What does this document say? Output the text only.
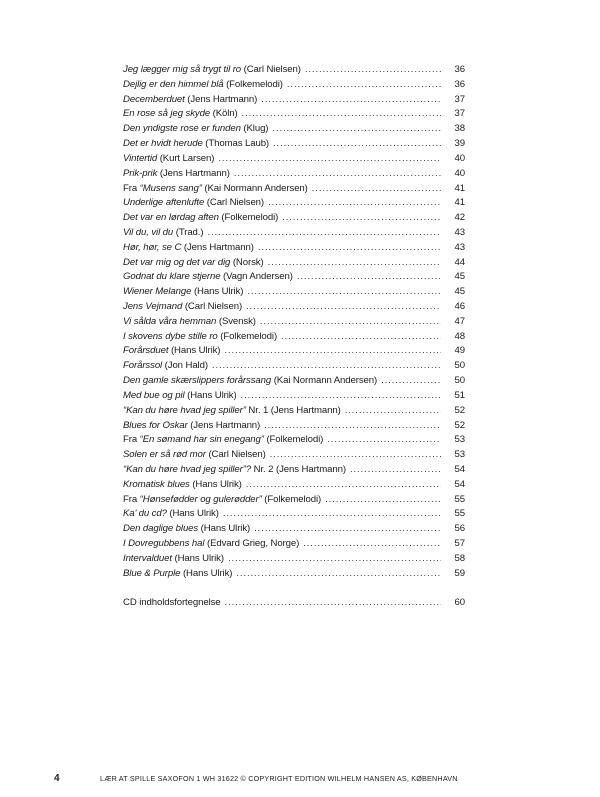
Jeg lægger mig så trygt til ro (Carl Nielsen) . . .	36
Dejlig er den himmel blå (Folkemelodi) . . .	36
Decemberduet (Jens Hartmann) . . .	37
En rose så jeg skyde (Köln) . . .	37
Den yndigste rose er funden (Klug) . . .	38
Det er hvidt herude (Thomas Laub) . . .	39
Vintertid (Kurt Larsen) . . .	40
Prik-prik (Jens Hartmann) . . .	40
Fra “Musens sang” (Kai Normann Andersen) . . .	41
Underlige aftenlufte (Carl Nielsen) . . .	41
Det var en lørdag aften (Folkemelodi) . . .	42
Vil du, vil du (Trad.) . . .	43
Hør, hør, se C (Jens Hartmann) . . .	43
Det var mig og det var dig (Norsk) . . .	44
Godnat du klare stjerne (Vagn Andersen) . . .	45
Wiener Melange (Hans Ulrik) . . .	45
Jens Vejmand (Carl Nielsen) . . .	46
Vi sålda våra hemman (Svensk) . . .	47
I skovens dybe stille ro (Folkemelodi) . . .	48
Forårsduet (Hans Ulrik) . . .	49
Forårssol (Jon Hald) . . .	50
Den gamle skærslippers forårssang (Kai Normann Andersen) . . .	50
Med bue og pil (Hans Ulrik) . . .	51
“Kan du høre hvad jeg spiller” Nr. 1 (Jens Hartmann) . . .	52
Blues for Oskar (Jens Hartmann) . . .	52
Fra “En sømand har sin enegang” (Folkemelodi) . . .	53
Solen er så rød mor (Carl Nielsen) . . .	53
“Kan du høre hvad jeg spiller”? Nr. 2 (Jens Hartmann) . . .	54
Kromatisk blues (Hans Ulrik) . . .	54
Fra “Hønsefødder og gulerødder” (Folkemelodi) . . .	55
Ka’ du cd? (Hans Ulrik) . . .	55
Den daglige blues (Hans Ulrik) . . .	56
I Dovregubbens hal (Edvard Grieg, Norge) . . .	57
Intervalduet (Hans Ulrik) . . .	58
Blue & Purple (Hans Ulrik) . . .	59
CD indholdsfortegnelse . . .	60
4	LÆR AT SPILLE SAXOFON 1 WH 31622 © COPYRIGHT EDITION WILHELM HANSEN AS, KØBENHAVN
